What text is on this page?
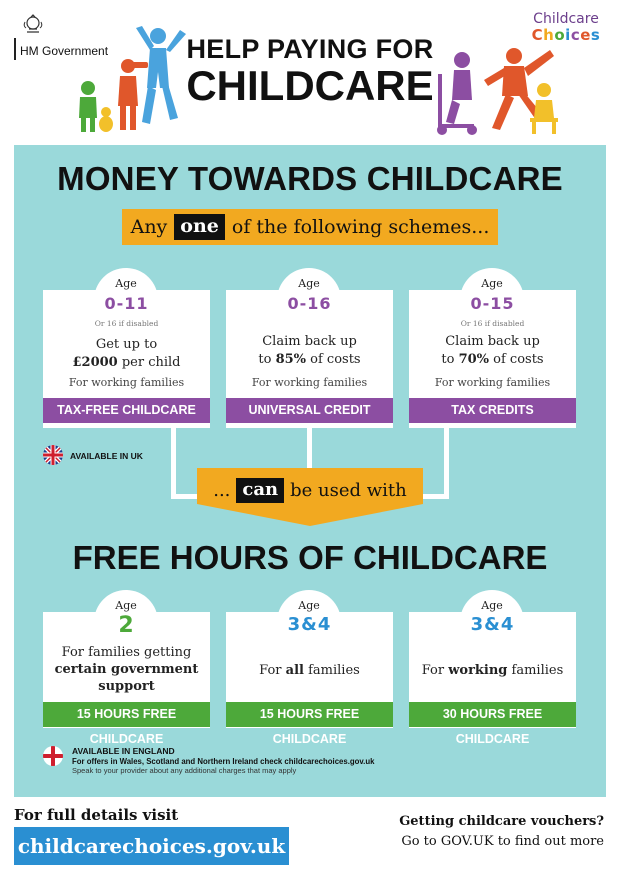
HM Government	HELP PAYING FOR
CHILDCARE
Childcare
Choices
MONEY TOWARDS CHILDCARE
Any one of the following schemes...
Age
0-11
Or 16 if disabled
Get up to
£2000 per child
For working families
TAX-FREE CHILDCARE
Age
0-16
Claim back up
to 85% of costs
For working families
UNIVERSAL CREDIT
Age
0-15
Or 16 if disabled
Claim back up
to 70% of costs
For working families
TAX CREDITS
AVAILABLE IN UK
... can be used with
FREE HOURS OF CHILDCARE
Age
2
For families getting
certain government
support
15 HOURS FREE CHILDCARE
Age
3&4
For all families
15 HOURS FREE CHILDCARE
Age
3&4
For working families
30 HOURS FREE CHILDCARE
AVAILABLE IN ENGLAND
For offers in Wales, Scotland and Northern Ireland check childcarechoices.gov.uk
Speak to your provider about any additional charges that may apply
For full details visit
childcarechoices.gov.uk
Getting childcare vouchers?
Go to GOV.UK to find out more
